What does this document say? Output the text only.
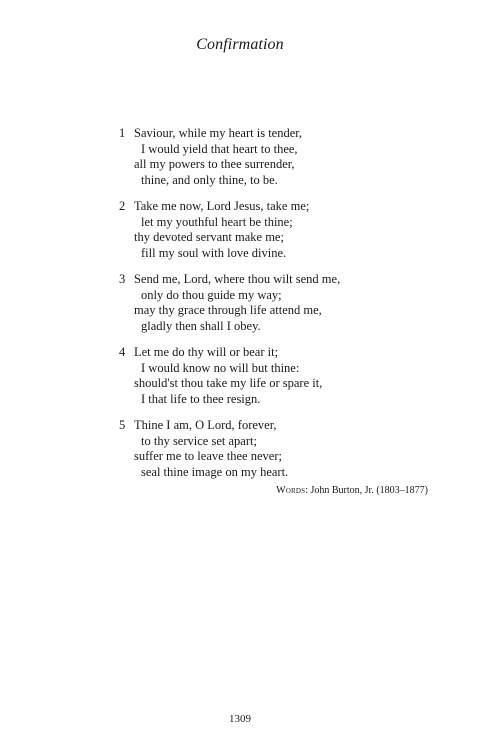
Confirmation
1 Saviour, while my heart is tender,
I would yield that heart to thee,
all my powers to thee surrender,
thine, and only thine, to be.
2 Take me now, Lord Jesus, take me;
let my youthful heart be thine;
thy devoted servant make me;
fill my soul with love divine.
3 Send me, Lord, where thou wilt send me,
only do thou guide my way;
may thy grace through life attend me,
gladly then shall I obey.
4 Let me do thy will or bear it;
I would know no will but thine:
should'st thou take my life or spare it,
I that life to thee resign.
5 Thine I am, O Lord, forever,
to thy service set apart;
suffer me to leave thee never;
seal thine image on my heart.
Words: John Burton, Jr. (1803–1877)
1309
